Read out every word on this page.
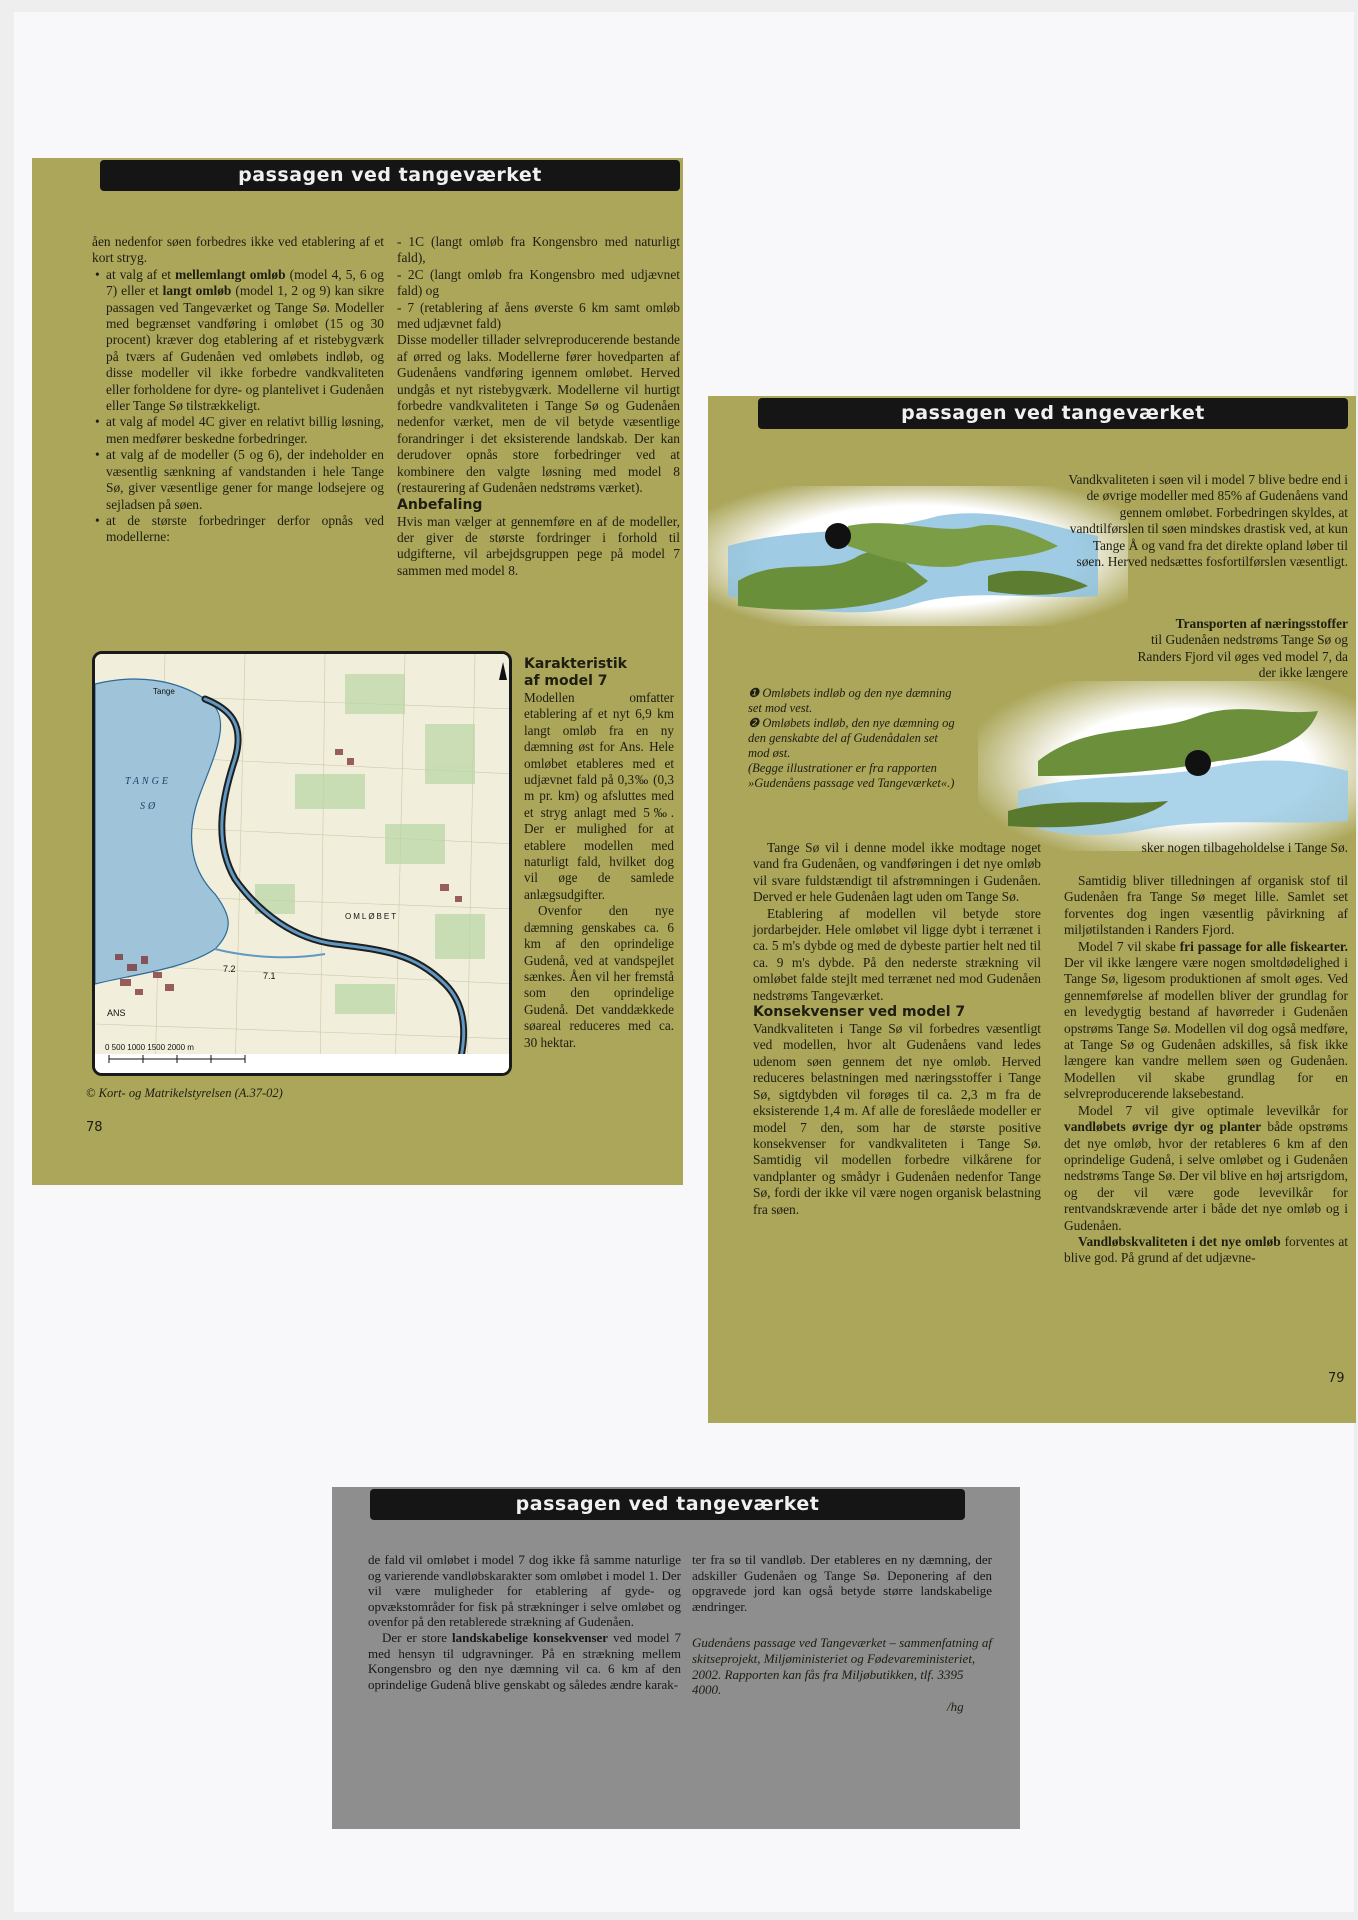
passagen ved tangeværket

åen nedenfor søen forbedres ikke ved etablering af et kort stryg.

• at valg af et mellemlangt omløb (model 4, 5, 6 og 7) eller et langt omløb (model 1, 2 og 9) kan sikre passagen ved Tangeværket og Tange Sø. Modeller med begrænset vandføring i omløbet (15 og 30 procent) kræver dog etablering af et ristebygværk på tværs af Gudenåen ved omløbets indløb, og disse modeller vil ikke forbedre vandkvaliteten eller forholdene for dyre- og plantelivet i Gudenåen eller Tange Sø tilstrækkeligt.

• at valg af model 4C giver en relativt billig løsning, men medfører beskedne forbedringer.

• at valg af de modeller (5 og 6), der indeholder en væsentlig sænkning af vandstanden i hele Tange Sø, giver væsentlige gener for mange lodsejere og sejladsen på søen.

• at de største forbedringer derfor opnås ved modellerne:

- 1C (langt omløb fra Kongensbro med naturligt fald),

- 2C (langt omløb fra Kongensbro med udjævnet fald) og

- 7 (retablering af åens øverste 6 km samt omløb med udjævnet fald)

Disse modeller tillader selvreproducerende bestande af ørred og laks. Modellerne fører hovedparten af Gudenåens vandføring igennem omløbet. Herved undgås et nyt ristebygværk. Modellerne vil hurtigt forbedre vandkvaliteten i Tange Sø og Gudenåen nedenfor værket, men de vil betyde væsentlige forandringer i det eksisterende landskab. Der kan derudover opnås store forbedringer ved at kombinere den valgte løsning med model 8 (restaurering af Gudenåen nedstrøms værket).

Anbefaling

Hvis man vælger at gennemføre en af de modeller, der giver de største fordringer i forhold til udgifterne, vil arbejdsgruppen pege på model 7 sammen med model 8.

0 500 1000 1500 2000 m
TANGE
SØ
Tange
ANS
OMLØBET
7.2
7.1

Karakteristik

af model 7

Modellen omfatter etablering af et nyt 6,9 km langt omløb fra en ny dæmning øst for Ans. Hele omløbet etableres med et udjævnet fald på 0,3‰ (0,3 m pr. km) og afsluttes med et stryg anlagt med 5‰. Der er mulighed for at etablere modellen med naturligt fald, hvilket dog vil øge de samlede anlægsudgifter.

Ovenfor den nye dæmning genskabes ca. 6 km af den oprindelige Gudenå, ved at vandspejlet sænkes. Åen vil her fremstå som den oprindelige Gudenå. Det vanddækkede søareal reduceres med ca. 30 hektar.

© Kort- og Matrikelstyrelsen (A.37-02)
78
passagen ved tangeværket
❶
❷
Vandkvaliteten i søen vil i model 7 blive bedre end i de øvrige modeller med 85% af Gudenåens vand gennem omløbet. Forbedringen skyldes, at vandtilførslen til søen mindskes drastisk ved, at kun Tange Å og vand fra det direkte opland løber til søen. Herved nedsættes fosfortilførslen væsentligt.
Transporten af næringsstoffer
til Gudenåen nedstrøms Tange Sø og Randers Fjord vil øges ved model 7, da der ikke længere
❶ Omløbets indløb og den nye dæmning set mod vest.
❷ Omløbets indløb, den nye dæmning og den genskabte del af Gudenådalen set mod øst.
(Begge illustrationer er fra rapporten »Gudenåens passage ved Tangeværket«.)

Tange Sø vil i denne model ikke modtage noget vand fra Gudenåen, og vandføringen i det nye omløb vil svare fuldstændigt til afstrømningen i Gudenåen. Derved er hele Gudenåen lagt uden om Tange Sø.

Etablering af modellen vil betyde store jordarbejder. Hele omløbet vil ligge dybt i terrænet i ca. 5 m's dybde og med de dybeste partier helt ned til ca. 9 m's dybde. På den nederste strækning vil omløbet falde stejlt med terrænet ned mod Gudenåen nedstrøms Tangeværket.

Konsekvenser ved model 7

Vandkvaliteten i Tange Sø vil forbedres væsentligt ved modellen, hvor alt Gudenåens vand ledes udenom søen gennem det nye omløb. Herved reduceres belastningen med næringsstoffer i Tange Sø, sigtdybden vil forøges til ca. 2,3 m fra de eksisterende 1,4 m. Af alle de foreslåede modeller er model 7 den, som har de største positive konsekvenser for vandkvaliteten i Tange Sø. Samtidig vil modellen forbedre vilkårene for vandplanter og smådyr i Gudenåen nedenfor Tange Sø, fordi der ikke vil være nogen organisk belastning fra søen.

sker nogen tilbageholdelse i Tange Sø.

Samtidig bliver tilledningen af organisk stof til Gudenåen fra Tange Sø meget lille. Samlet set forventes dog ingen væsentlig påvirkning af miljøtilstanden i Randers Fjord.

Model 7 vil skabe fri passage for alle fiskearter. Der vil ikke længere være nogen smoltdødelighed i Tange Sø, ligesom produktionen af smolt øges. Ved gennemførelse af modellen bliver der grundlag for en levedygtig bestand af havørreder i Gudenåen opstrøms Tange Sø. Modellen vil dog også medføre, at Tange Sø og Gudenåen adskilles, så fisk ikke længere kan vandre mellem søen og Gudenåen. Modellen vil skabe grundlag for en selvreproducerende laksebestand.

Model 7 vil give optimale levevilkår for vandløbets øvrige dyr og planter både opstrøms det nye omløb, hvor der retableres 6 km af den oprindelige Gudenå, i selve omløbet og i Gudenåen nedstrøms Tange Sø. Der vil blive en høj artsrigdom, og der vil være gode levevilkår for rentvandskrævende arter i både det nye omløb og i Gudenåen.

Vandløbskvaliteten i det nye omløb forventes at blive god. På grund af det udjævne-

79
passagen ved tangeværket

de fald vil omløbet i model 7 dog ikke få samme naturlige og varierende vandløbskarakter som omløbet i model 1. Der vil være muligheder for etablering af gyde- og opvækstområder for fisk på strækninger i selve omløbet og ovenfor på den retablerede strækning af Gudenåen.

Der er store landskabelige konsekvenser ved model 7 med hensyn til udgravninger. På en strækning mellem Kongensbro og den nye dæmning vil ca. 6 km af den oprindelige Gudenå blive genskabt og således ændre karak-

ter fra sø til vandløb. Der etableres en ny dæmning, der adskiller Gudenåen og Tange Sø. Deponering af den opgravede jord kan også betyde større landskabelige ændringer.

Gudenåens passage ved Tangeværket – sammenfatning af skitseprojekt, Miljøministeriet og Fødevareministeriet, 2002. Rapporten kan fås fra Miljøbutikken, tlf. 3395 4000.
/hg
